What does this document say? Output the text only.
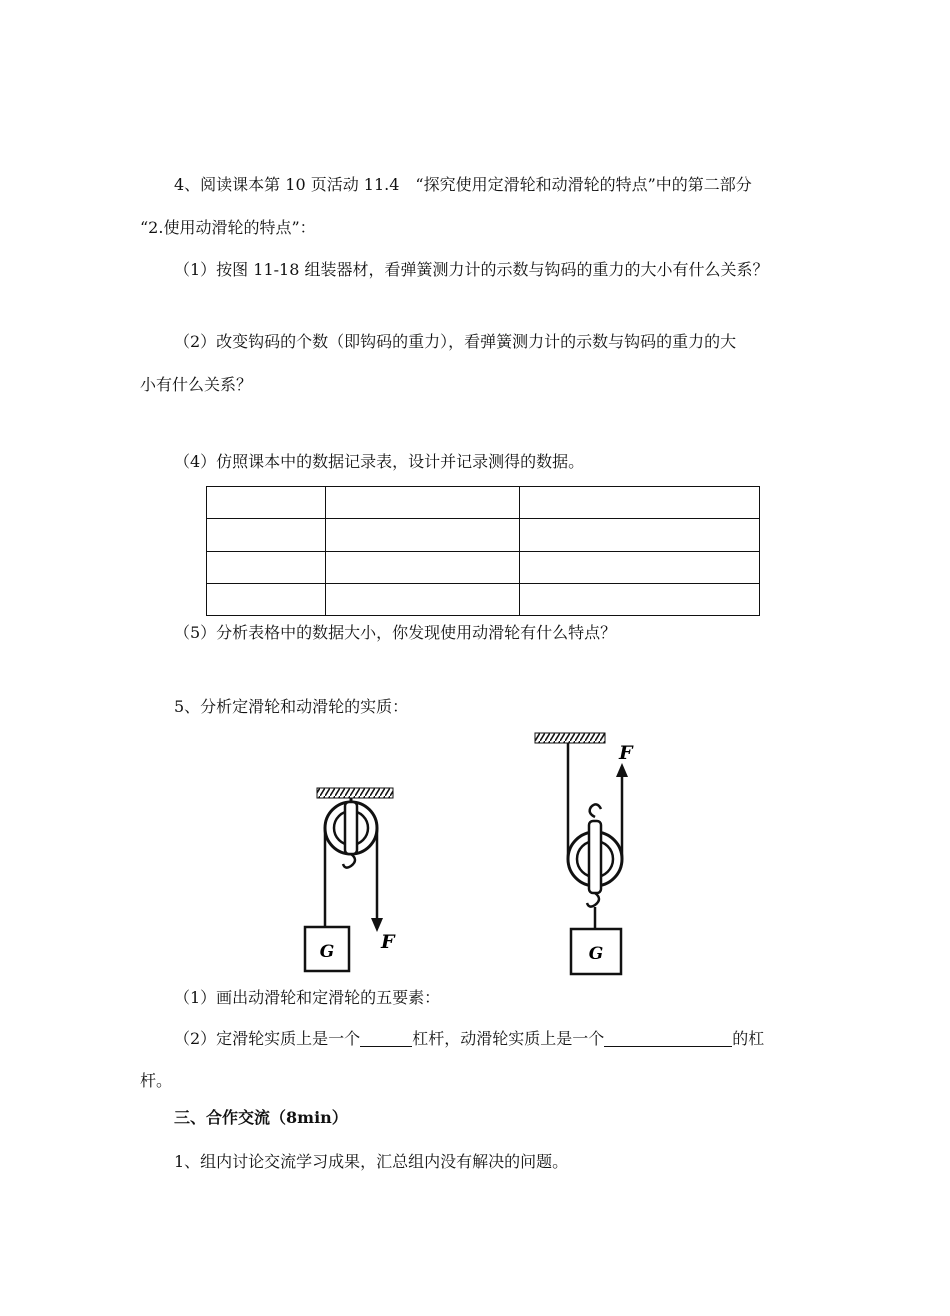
4、阅读课本第 10 页活动 11.4　“探究使用定滑轮和动滑轮的特点”中的第二部分
“2.使用动滑轮的特点”：
（1）按图 11-18 组装器材，看弹簧测力计的示数与钩码的重力的大小有什么关系？
（2）改变钩码的个数（即钩码的重力），看弹簧测力计的示数与钩码的重力的大
小有什么关系？
（4）仿照课本中的数据记录表，设计并记录测得的数据。

（5）分析表格中的数据大小，你发现使用动滑轮有什么特点？
5、分析定滑轮和动滑轮的实质：
G F
F
G
（1）画出动滑轮和定滑轮的五要素：
（2）定滑轮实质上是一个	杠杆，动滑轮实质上是一个	的杠
杆。
三、合作交流（8min）
1、组内讨论交流学习成果，汇总组内没有解决的问题。
